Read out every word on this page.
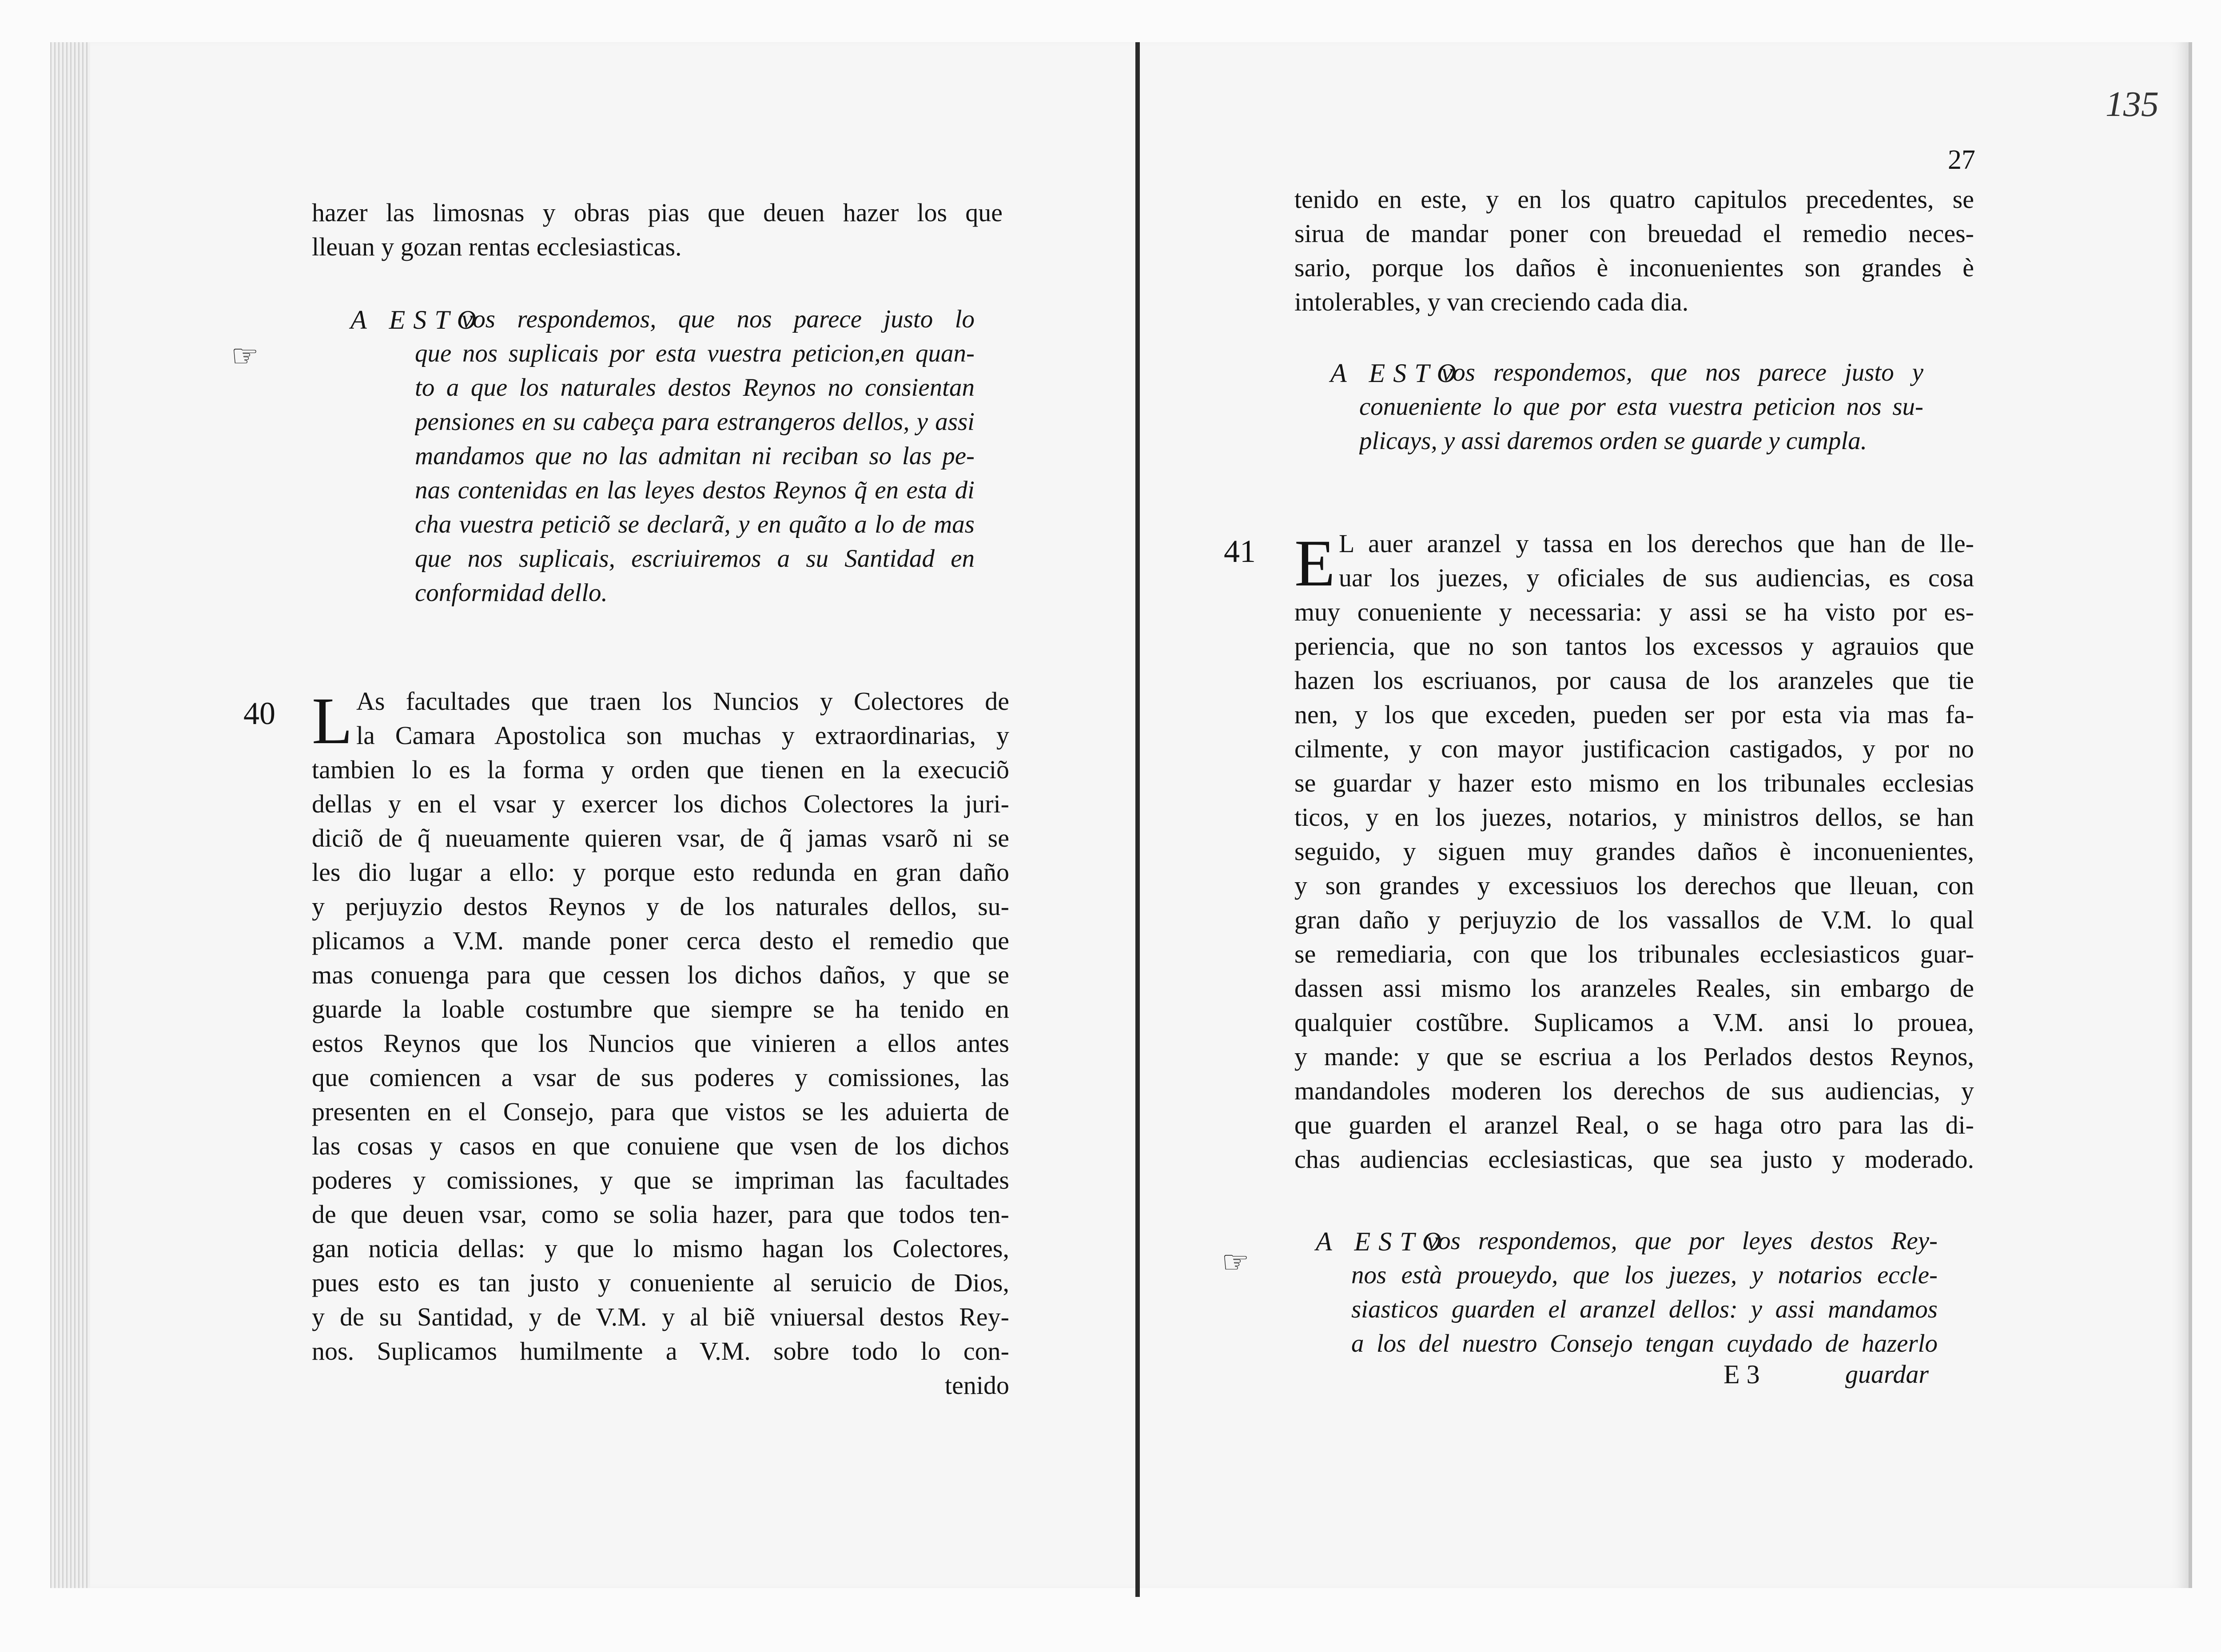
hazer las limosnas y obras pias que deuen hazer los que
lleuan y gozan rentas ecclesiasticas.
☞
A ESTO
vos respondemos, que nos parece justo lo
que nos suplicais por esta vuestra peticion,en quan-
to a que los naturales destos Reynos no consientan
pensiones en su cabeça para estrangeros dellos, y assi
mandamos que no las admitan ni reciban so las pe-
nas contenidas en las leyes destos Reynos q̃ en esta di
cha vuestra peticiõ se declarã, y en quãto a lo de mas
que nos suplicais, escriuiremos a su Santidad en
conformidad dello.
40 L As facultades que traen los Nuncios y Colectores de
la Camara Apostolica son muchas y extraordinarias, y
tambien lo es la forma y orden que tienen en la execuciõ
dellas y en el vsar y exercer los dichos Colectores la juri-
diciõ de q̃ nueuamente quieren vsar, de q̃ jamas vsarõ ni se
les dio lugar a ello: y porque esto redunda en gran daño
y perjuyzio destos Reynos y de los naturales dellos, su-
plicamos a V.M. mande poner cerca desto el remedio que
mas conuenga para que cessen los dichos daños, y que se
guarde la loable costumbre que siempre se ha tenido en
estos Reynos que los Nuncios que vinieren a ellos antes
que comiencen a vsar de sus poderes y comissiones, las
presenten en el Consejo, para que vistos se les aduierta de
las cosas y casos en que conuiene que vsen de los dichos
poderes y comissiones, y que se impriman las facultades
de que deuen vsar, como se solia hazer, para que todos ten-
gan noticia dellas: y que lo mismo hagan los Colectores,
pues esto es tan justo y conueniente al seruicio de Dios,
y de su Santidad, y de V.M. y al biẽ vniuersal destos Rey-
nos. Suplicamos humilmente a V.M. sobre todo lo con-
tenido
135
27
tenido en este, y en los quatro capitulos precedentes, se
sirua de mandar poner con breuedad el remedio neces-
sario, porque los daños è inconuenientes son grandes è
intolerables, y van creciendo cada dia.
A ESTO
vos respondemos, que nos parece justo y
conueniente lo que por esta vuestra peticion nos su-
plicays, y assi daremos orden se guarde y cumpla.
41 E L auer aranzel y tassa en los derechos que han de lle-
uar los juezes, y oficiales de sus audiencias, es cosa
muy conueniente y necessaria: y assi se ha visto por es-
periencia, que no son tantos los excessos y agrauios que
hazen los escriuanos, por causa de los aranzeles que tie
nen, y los que exceden, pueden ser por esta via mas fa-
cilmente, y con mayor justificacion castigados, y por no
se guardar y hazer esto mismo en los tribunales ecclesias
ticos, y en los juezes, notarios, y ministros dellos, se han
seguido, y siguen muy grandes daños è inconuenientes,
y son grandes y excessiuos los derechos que lleuan, con
gran daño y perjuyzio de los vassallos de V.M. lo qual
se remediaria, con que los tribunales ecclesiasticos guar-
dassen assi mismo los aranzeles Reales, sin embargo de
qualquier costũbre. Suplicamos a V.M. ansi lo prouea,
y mande: y que se escriua a los Perlados destos Reynos,
mandandoles moderen los derechos de sus audiencias, y
que guarden el aranzel Real, o se haga otro para las di-
chas audiencias ecclesiasticas, que sea justo y moderado.
☞
A ESTO
vos respondemos, que por leyes destos Rey-
nos està proueydo, que los juezes, y notarios eccle-
siasticos guarden el aranzel dellos: y assi mandamos
a los del nuestro Consejo tengan cuydado de hazerlo
E 3	guardar
